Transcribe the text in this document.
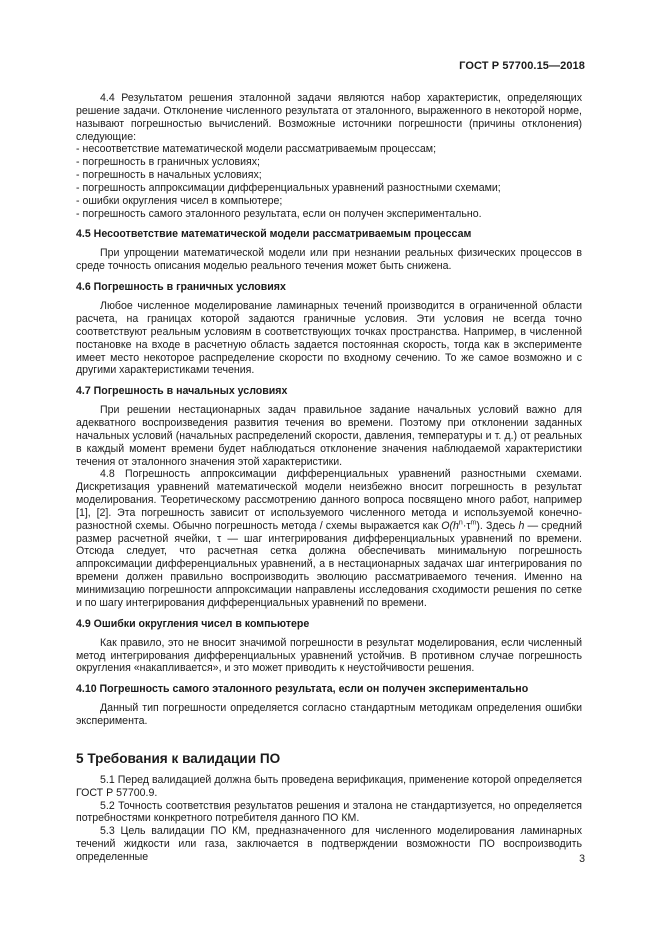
ГОСТ Р 57700.15—2018

4.4 Результатом решения эталонной задачи являются набор характеристик, определяющих решение задачи. Отклонение численного результата от эталонного, выраженного в некоторой норме, называют погрешностью вычислений. Возможные источники погрешности (причины отклонения) следующие:

- несоответствие математической модели рассматриваемым процессам;

- погрешность в граничных условиях;

- погрешность в начальных условиях;

- погрешность аппроксимации дифференциальных уравнений разностными схемами;

- ошибки округления чисел в компьютере;

- погрешность самого эталонного результата, если он получен экспериментально.

4.5 Несоответствие математической модели рассматриваемым процессам

При упрощении математической модели или при незнании реальных физических процессов в среде точность описания моделью реального течения может быть снижена.

4.6 Погрешность в граничных условиях

Любое численное моделирование ламинарных течений производится в ограниченной области расчета, на границах которой задаются граничные условия. Эти условия не всегда точно соответствуют реальным условиям в соответствующих точках пространства. Например, в численной постановке на входе в расчетную область задается постоянная скорость, тогда как в эксперименте имеет место некоторое распределение скорости по входному сечению. То же самое возможно и с другими характеристиками течения.

4.7 Погрешность в начальных условиях

При решении нестационарных задач правильное задание начальных условий важно для адекватного воспроизведения развития течения во времени. Поэтому при отклонении заданных начальных условий (начальных распределений скорости, давления, температуры и т. д.) от реальных в каждый момент времени будет наблюдаться отклонение значения наблюдаемой характеристики течения от эталонного значения этой характеристики.

4.8 Погрешность аппроксимации дифференциальных уравнений разностными схемами. Дискретизация уравнений математической модели неизбежно вносит погрешность в результат моделирования. Теоретическому рассмотрению данного вопроса посвящено много работ, например [1], [2]. Эта погрешность зависит от используемого численного метода и используемой конечно-разностной схемы. Обычно погрешность метода / схемы выражается как $O(h^n\cdot\tau^m)$. Здесь h — средний размер расчетной ячейки, τ — шаг интегрирования дифференциальных уравнений по времени. Отсюда следует, что расчетная сетка должна обеспечивать минимальную погрешность аппроксимации дифференциальных уравнений, а в нестационарных задачах шаг интегрирования по времени должен правильно воспроизводить эволюцию рассматриваемого течения. Именно на минимизацию погрешности аппроксимации направлены исследования сходимости решения по сетке и по шагу интегрирования дифференциальных уравнений по времени.

4.9 Ошибки округления чисел в компьютере

Как правило, это не вносит значимой погрешности в результат моделирования, если численный метод интегрирования дифференциальных уравнений устойчив. В противном случае погрешность округления «накапливается», и это может приводить к неустойчивости решения.

4.10 Погрешность самого эталонного результата, если он получен экспериментально

Данный тип погрешности определяется согласно стандартным методикам определения ошибки эксперимента.

5 Требования к валидации ПО

5.1 Перед валидацией должна быть проведена верификация, применение которой определяется ГОСТ Р 57700.9.

5.2 Точность соответствия результатов решения и эталона не стандартизуется, но определяется потребностями конкретного потребителя данного ПО КМ.

5.3 Цель валидации ПО КМ, предназначенного для численного моделирования ламинарных течений жидкости или газа, заключается в подтверждении возможности ПО воспроизводить определенные	3
